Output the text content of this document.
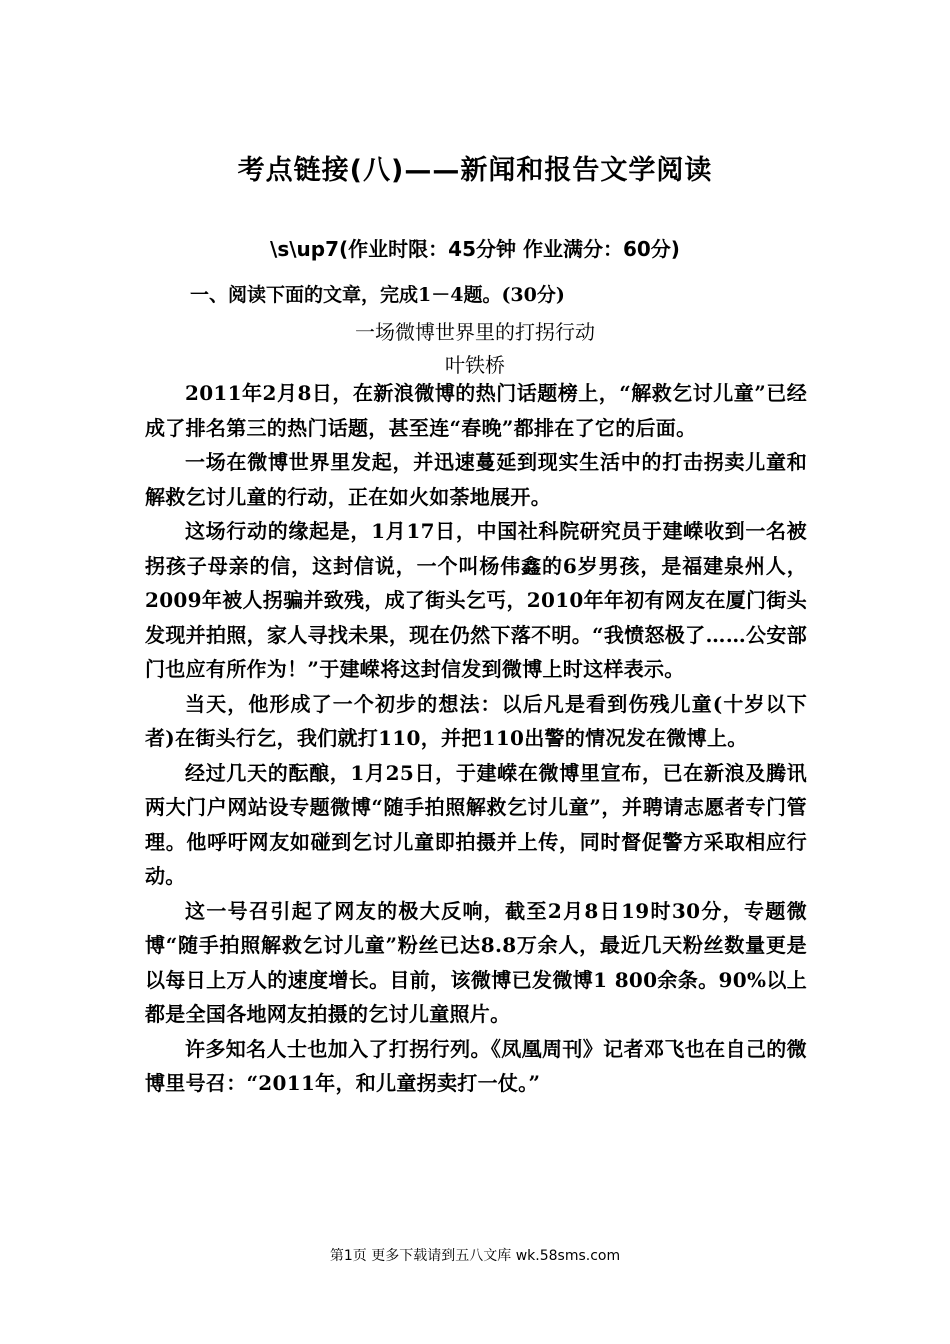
考点链接(八)——新闻和报告文学阅读
\s\up7(作业时限：45分钟 作业满分：60分)
一、阅读下面的文章，完成1－4题。(30分)
一场微博世界里的打拐行动
叶铁桥

2011年2月8日，在新浪微博的热门话题榜上，“解救乞讨儿童”已经成了排名第三的热门话题，甚至连“春晚”都排在了它的后面。

一场在微博世界里发起，并迅速蔓延到现实生活中的打击拐卖儿童和解救乞讨儿童的行动，正在如火如荼地展开。

这场行动的缘起是，1月17日，中国社科院研究员于建嵘收到一名被拐孩子母亲的信，这封信说，一个叫杨伟鑫的6岁男孩，是福建泉州人，2009年被人拐骗并致残，成了街头乞丐，2010年年初有网友在厦门街头发现并拍照，家人寻找未果，现在仍然下落不明。“我愤怒极了……公安部门也应有所作为！”于建嵘将这封信发到微博上时这样表示。

当天，他形成了一个初步的想法：以后凡是看到伤残儿童(十岁以下者)在街头行乞，我们就打110，并把110出警的情况发在微博上。

经过几天的酝酿，1月25日，于建嵘在微博里宣布，已在新浪及腾讯两大门户网站设专题微博“随手拍照解救乞讨儿童”，并聘请志愿者专门管理。他呼吁网友如碰到乞讨儿童即拍摄并上传，同时督促警方采取相应行动。

这一号召引起了网友的极大反响，截至2月8日19时30分，专题微博“随手拍照解救乞讨儿童”粉丝已达8.8万余人，最近几天粉丝数量更是以每日上万人的速度增长。目前，该微博已发微博1 800余条。90%以上都是全国各地网友拍摄的乞讨儿童照片。

许多知名人士也加入了打拐行列。《凤凰周刊》记者邓飞也在自己的微博里号召：“2011年，和儿童拐卖打一仗。”

第1页 更多下载请到五八文库 wk.58sms.com
